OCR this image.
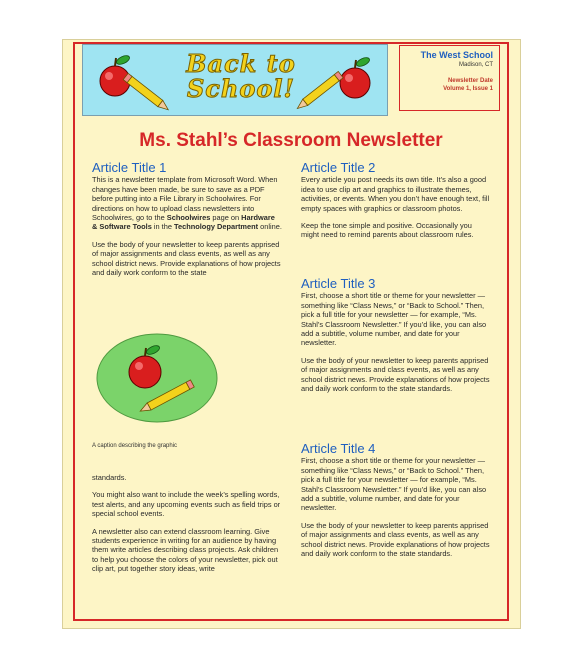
Back to
School!
The West School
Madison, CT
Newsletter Date
Volume 1, Issue 1
Ms. Stahl’s Classroom Newsletter
Article Title 1

This is a newsletter template from Microsoft Word. When changes have been made, be sure to save as a PDF before putting into a File Library in Schoolwires. For directions on how to upload class newsletters into Schoolwires, go to the Schoolwires page on Hardware & Software Tools in the Technology Department online.

Use the body of your newsletter to keep parents apprised of major assignments and class events, as well as any school district news. Provide explanations of how projects and daily work conform to the state

A caption describing the graphic

standards.

You might also want to include the week’s spelling words, test alerts, and any upcoming events such as field trips or special school events.

A newsletter also can extend classroom learning. Give students experience in writing for an audience by having them write articles describing class projects. Ask children to help you choose the colors of your newsletter, pick out clip art, put together story ideas, write

Article Title 2

Every article you post needs its own title. It’s also a good idea to use clip art and graphics to illustrate themes, activities, or events. When you don’t have enough text, fill empty spaces with graphics or classroom photos.

Keep the tone simple and positive. Occasionally you might need to remind parents about classroom rules.

Article Title 3

First, choose a short title or theme for your newsletter — something like “Class News,” or “Back to School.” Then, pick a full title for your newsletter — for example, “Ms. Stahl’s Classroom Newsletter.” If you’d like, you can also add a subtitle, volume number, and date for your newsletter.

Use the body of your newsletter to keep parents apprised of major assignments and class events, as well as any school district news. Provide explanations of how projects and daily work conform to the state standards.

Article Title 4

First, choose a short title or theme for your newsletter — something like “Class News,” or “Back to School.” Then, pick a full title for your newsletter — for example, “Ms. Stahl’s Classroom Newsletter.” If you’d like, you can also add a subtitle, volume number, and date for your newsletter.

Use the body of your newsletter to keep parents apprised of major assignments and class events, as well as any school district news. Provide explanations of how projects and daily work conform to the state standards.
